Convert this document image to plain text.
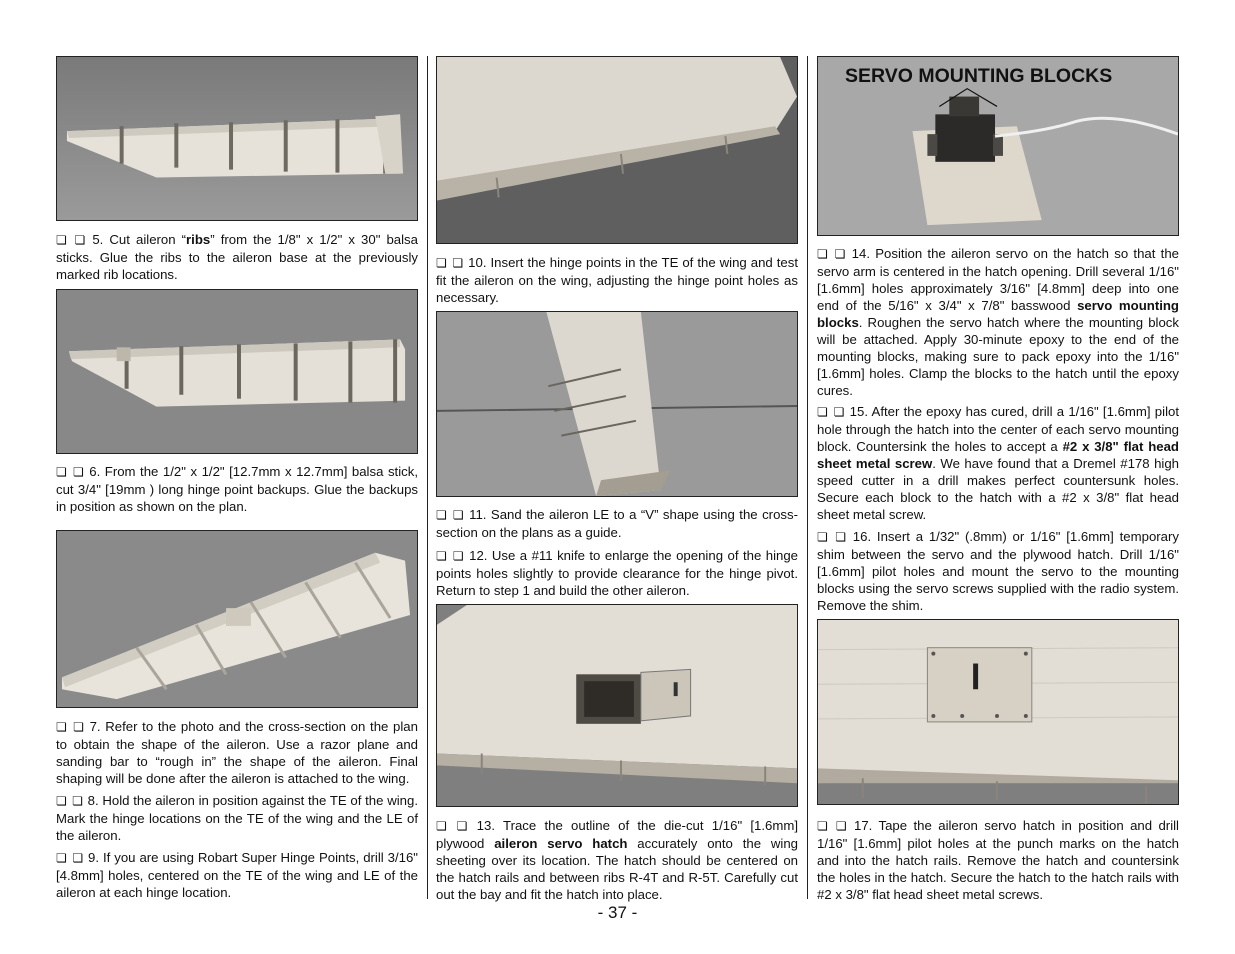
❏ ❏ 5. Cut aileron “ribs” from the 1/8" x 1/2" x 30" balsa sticks. Glue the ribs to the aileron base at the previously marked rib locations.

❏ ❏ 6. From the 1/2" x 1/2" [12.7mm x 12.7mm] balsa stick, cut 3/4" [19mm ) long hinge point backups. Glue the backups in position as shown on the plan.

❏ ❏ 7. Refer to the photo and the cross-section on the plan to obtain the shape of the aileron. Use a razor plane and sanding bar to “rough in” the shape of the aileron. Final shaping will be done after the aileron is attached to the wing.

❏ ❏ 8. Hold the aileron in position against the TE of the wing. Mark the hinge locations on the TE of the wing and the LE of the aileron.

❏ ❏ 9. If you are using Robart Super Hinge Points, drill 3/16" [4.8mm] holes, centered on the TE of the wing and LE of the aileron at each hinge location.

❏ ❏ 10. Insert the hinge points in the TE of the wing and test fit the aileron on the wing, adjusting the hinge point holes as necessary.

❏ ❏ 11. Sand the aileron LE to a “V” shape using the cross-section on the plans as a guide.

❏ ❏ 12. Use a #11 knife to enlarge the opening of the hinge points holes slightly to provide clearance for the hinge pivot. Return to step 1 and build the other aileron.

❏ ❏ 13. Trace the outline of the die-cut 1/16" [1.6mm] plywood aileron servo hatch accurately onto the wing sheeting over its location. The hatch should be centered on the hatch rails and between ribs R-4T and R-5T. Carefully cut out the bay and fit the hatch into place.

SERVO MOUNTING BLOCKS

❏ ❏ 14. Position the aileron servo on the hatch so that the servo arm is centered in the hatch opening. Drill several 1/16" [1.6mm] holes approximately 3/16" [4.8mm] deep into one end of the 5/16" x 3/4" x 7/8" basswood servo mounting blocks. Roughen the servo hatch where the mounting block will be attached. Apply 30-minute epoxy to the end of the mounting blocks, making sure to pack epoxy into the 1/16" [1.6mm] holes. Clamp the blocks to the hatch until the epoxy cures.

❏ ❏ 15. After the epoxy has cured, drill a 1/16" [1.6mm] pilot hole through the hatch into the center of each servo mounting block. Countersink the holes to accept a #2 x 3/8" flat head sheet metal screw. We have found that a Dremel #178 high speed cutter in a drill makes perfect countersunk holes. Secure each block to the hatch with a #2 x 3/8" flat head sheet metal screw.

❏ ❏ 16. Insert a 1/32" (.8mm) or 1/16" [1.6mm] temporary shim between the servo and the plywood hatch. Drill 1/16" [1.6mm] pilot holes and mount the servo to the mounting blocks using the servo screws supplied with the radio system. Remove the shim.

❏ ❏ 17. Tape the aileron servo hatch in position and drill 1/16" [1.6mm] pilot holes at the punch marks on the hatch and into the hatch rails. Remove the hatch and countersink the holes in the hatch. Secure the hatch to the hatch rails with #2 x 3/8" flat head sheet metal screws.

- 37 -
